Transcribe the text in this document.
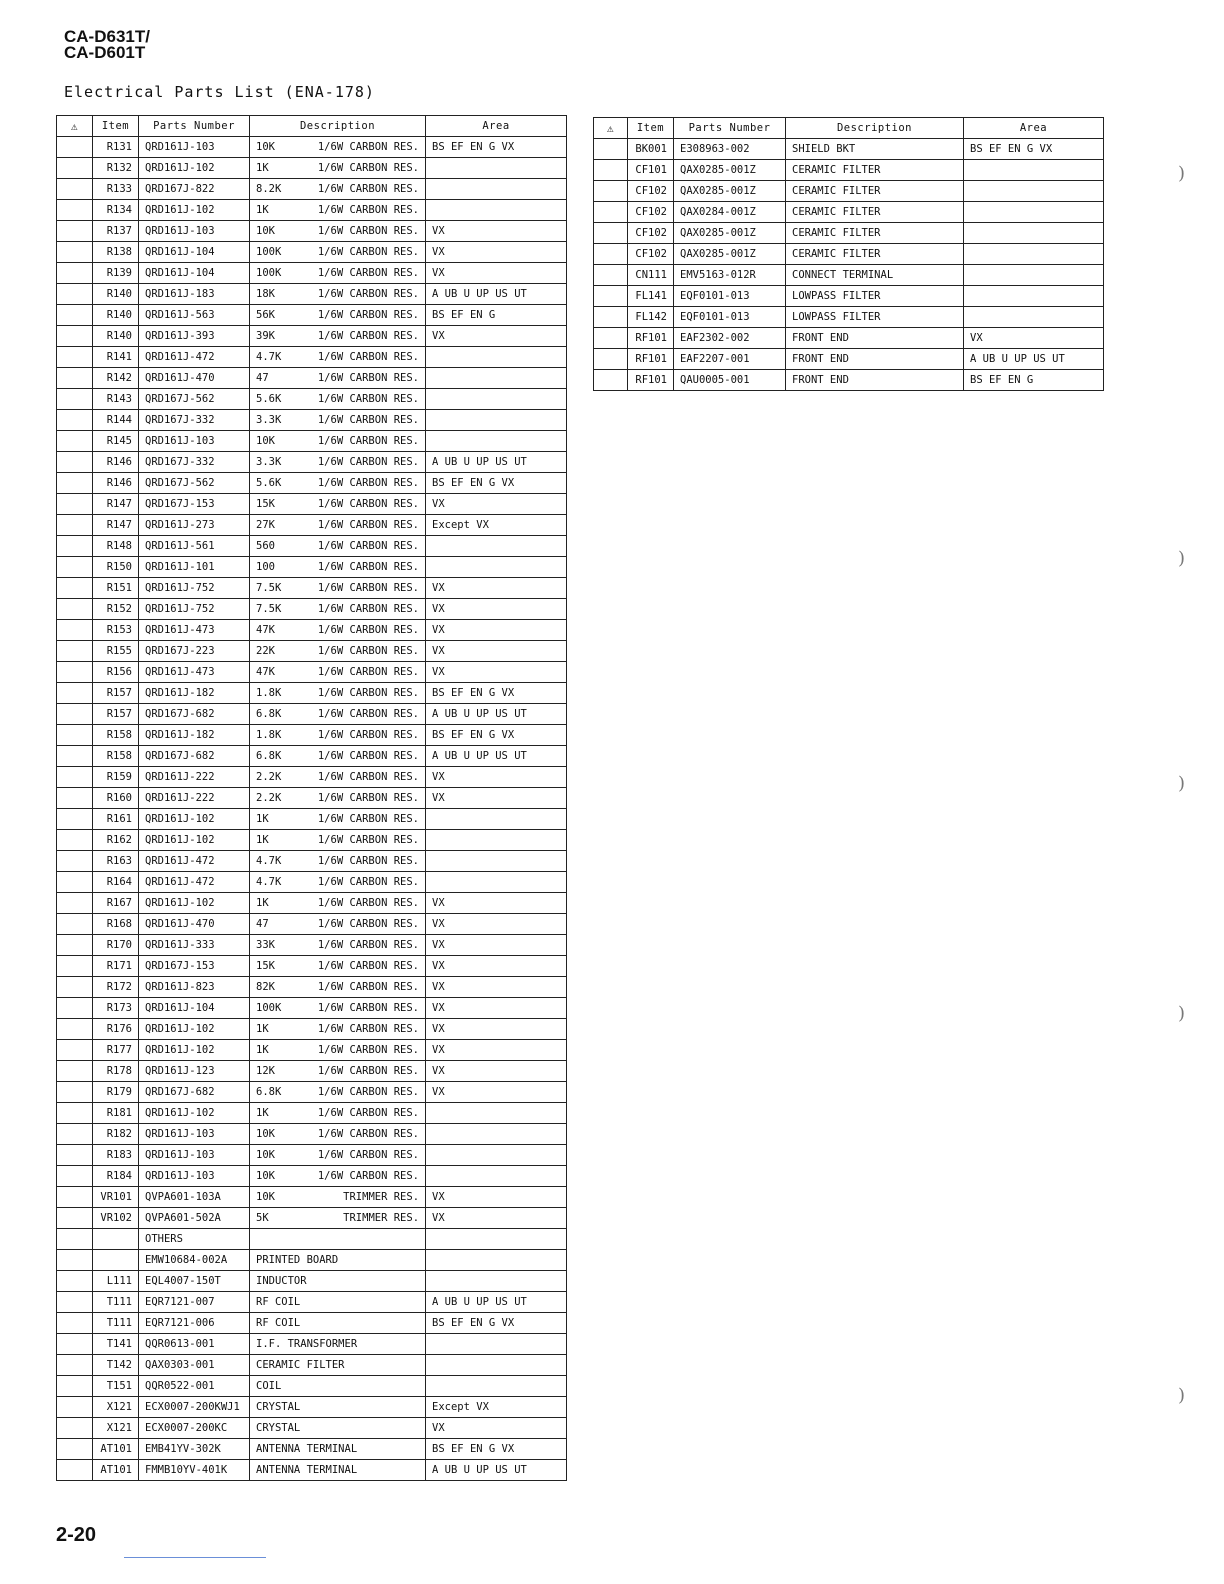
CA-D631T/
CA-D601T
Electrical Parts List (ENA-178)
⚠	Item	Parts Number	Description		Area
	R131	QRD161J-103	10K	1/6W CARBON RES.	BS EF EN G VX
	R132	QRD161J-102	1K	1/6W CARBON RES.	
	R133	QRD167J-822	8.2K	1/6W CARBON RES.	
	R134	QRD161J-102	1K	1/6W CARBON RES.	
	R137	QRD161J-103	10K	1/6W CARBON RES.	VX
	R138	QRD161J-104	100K	1/6W CARBON RES.	VX
	R139	QRD161J-104	100K	1/6W CARBON RES.	VX
	R140	QRD161J-183	18K	1/6W CARBON RES.	A UB U UP US UT
	R140	QRD161J-563	56K	1/6W CARBON RES.	BS EF EN G
	R140	QRD161J-393	39K	1/6W CARBON RES.	VX
	R141	QRD161J-472	4.7K	1/6W CARBON RES.	
	R142	QRD161J-470	47	1/6W CARBON RES.	
	R143	QRD167J-562	5.6K	1/6W CARBON RES.	
	R144	QRD167J-332	3.3K	1/6W CARBON RES.	
	R145	QRD161J-103	10K	1/6W CARBON RES.	
	R146	QRD167J-332	3.3K	1/6W CARBON RES.	A UB U UP US UT
	R146	QRD167J-562	5.6K	1/6W CARBON RES.	BS EF EN G VX
	R147	QRD167J-153	15K	1/6W CARBON RES.	VX
	R147	QRD161J-273	27K	1/6W CARBON RES.	Except VX
	R148	QRD161J-561	560	1/6W CARBON RES.	
	R150	QRD161J-101	100	1/6W CARBON RES.	
	R151	QRD161J-752	7.5K	1/6W CARBON RES.	VX
	R152	QRD161J-752	7.5K	1/6W CARBON RES.	VX
	R153	QRD161J-473	47K	1/6W CARBON RES.	VX
	R155	QRD167J-223	22K	1/6W CARBON RES.	VX
	R156	QRD161J-473	47K	1/6W CARBON RES.	VX
	R157	QRD161J-182	1.8K	1/6W CARBON RES.	BS EF EN G VX
	R157	QRD167J-682	6.8K	1/6W CARBON RES.	A UB U UP US UT
	R158	QRD161J-182	1.8K	1/6W CARBON RES.	BS EF EN G VX
	R158	QRD167J-682	6.8K	1/6W CARBON RES.	A UB U UP US UT
	R159	QRD161J-222	2.2K	1/6W CARBON RES.	VX
	R160	QRD161J-222	2.2K	1/6W CARBON RES.	VX
	R161	QRD161J-102	1K	1/6W CARBON RES.	
	R162	QRD161J-102	1K	1/6W CARBON RES.	
	R163	QRD161J-472	4.7K	1/6W CARBON RES.	
	R164	QRD161J-472	4.7K	1/6W CARBON RES.	
	R167	QRD161J-102	1K	1/6W CARBON RES.	VX
	R168	QRD161J-470	47	1/6W CARBON RES.	VX
	R170	QRD161J-333	33K	1/6W CARBON RES.	VX
	R171	QRD167J-153	15K	1/6W CARBON RES.	VX
	R172	QRD161J-823	82K	1/6W CARBON RES.	VX
	R173	QRD161J-104	100K	1/6W CARBON RES.	VX
	R176	QRD161J-102	1K	1/6W CARBON RES.	VX
	R177	QRD161J-102	1K	1/6W CARBON RES.	VX
	R178	QRD161J-123	12K	1/6W CARBON RES.	VX
	R179	QRD167J-682	6.8K	1/6W CARBON RES.	VX
	R181	QRD161J-102	1K	1/6W CARBON RES.	
	R182	QRD161J-103	10K	1/6W CARBON RES.	
	R183	QRD161J-103	10K	1/6W CARBON RES.	
	R184	QRD161J-103	10K	1/6W CARBON RES.	
	VR101	QVPA601-103A	10K	TRIMMER RES.	VX
	VR102	QVPA601-502A	5K	TRIMMER RES.	VX
		OTHERS			
		EMW10684-002A	PRINTED BOARD		
	L111	EQL4007-150T	INDUCTOR		
	T111	EQR7121-007	RF COIL		A UB U UP US UT
	T111	EQR7121-006	RF COIL		BS EF EN G VX
	T141	QQR0613-001	I.F. TRANSFORMER		
	T142	QAX0303-001	CERAMIC FILTER		
	T151	QQR0522-001	COIL		
	X121	ECX0007-200KWJ1	CRYSTAL		Except VX
	X121	ECX0007-200KC	CRYSTAL		VX
	AT101	EMB41YV-302K	ANTENNA TERMINAL		BS EF EN G VX
	AT101	FMMB10YV-401K	ANTENNA TERMINAL		A UB U UP US UT
⚠	Item	Parts Number	Description	Area
	BK001	E308963-002	SHIELD BKT	BS EF EN G VX
	CF101	QAX0285-001Z	CERAMIC FILTER	
	CF102	QAX0285-001Z	CERAMIC FILTER	
	CF102	QAX0284-001Z	CERAMIC FILTER	
	CF102	QAX0285-001Z	CERAMIC FILTER	
	CF102	QAX0285-001Z	CERAMIC FILTER	
	CN111	EMV5163-012R	CONNECT TERMINAL	
	FL141	EQF0101-013	LOWPASS FILTER	
	FL142	EQF0101-013	LOWPASS FILTER	
	RF101	EAF2302-002	FRONT END	VX
	RF101	EAF2207-001	FRONT END	A UB U UP US UT
	RF101	QAU0005-001	FRONT END	BS EF EN G
)
)
)
)
)
2-20
